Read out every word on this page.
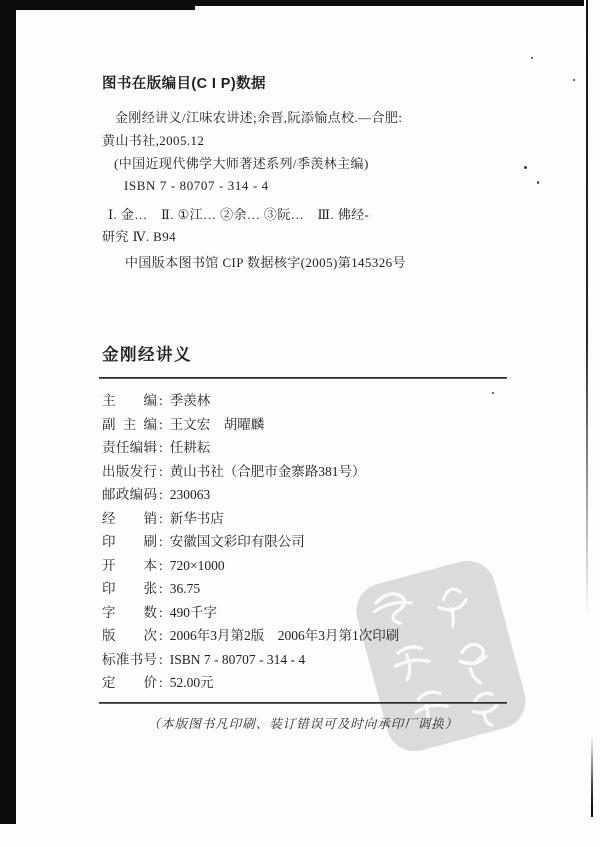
图书在版编目(C I P)数据
金刚经讲义/江味农讲述;余晋,阮添愉点校.—合肥:
黄山书社,2005.12
(中国近现代佛学大师著述系列/季羡林主编)
ISBN 7 - 80707 - 314 - 4
Ⅰ. 金…　Ⅱ. ①江… ②余… ③阮…　Ⅲ. 佛经-
研究 Ⅳ. B94
中国版本图书馆 CIP 数据核字(2005)第145326号
金刚经讲义
主编 : 季羡林
副主编 : 王文宏　胡曜麟
责任编辑 : 任耕耘
出版发行 : 黄山书社（合肥市金寨路381号）
邮政编码 : 230063
经销 : 新华书店
印刷 : 安徽国文彩印有限公司
开本 : 720×1000
印张 : 36.75
字数 : 490千字
版次 : 2006年3月第2版　2006年3月第1次印刷
标准书号 : ISBN 7 - 80707 - 314 - 4
定价 : 52.00元
（本版图书凡印刷、装订错误可及时向承印厂调换）
